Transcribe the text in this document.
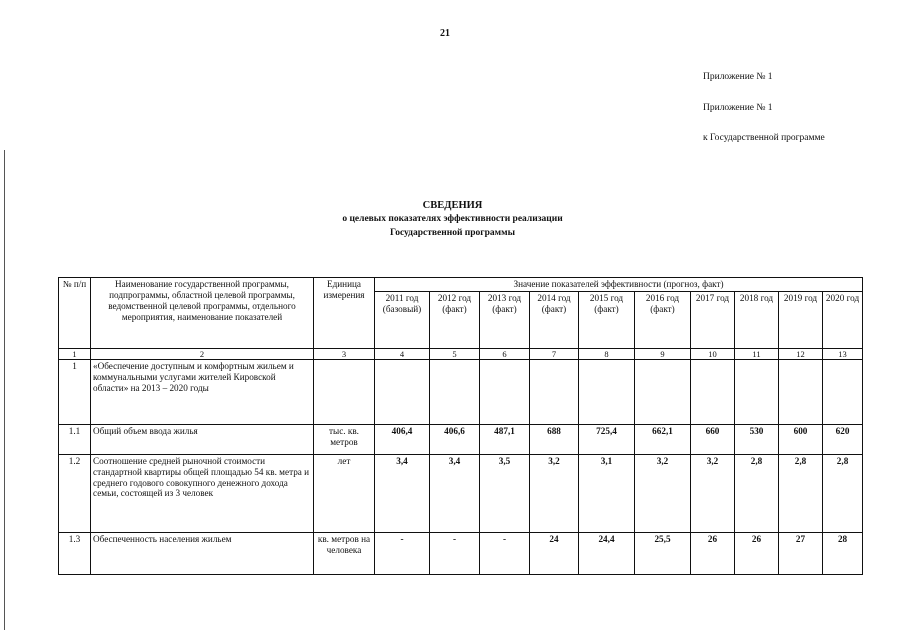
21
Приложение № 1
Приложение № 1
к Государственной программе
СВЕДЕНИЯ
о целевых показателях эффективности реализации
Государственной программы
№ п/п	Наименование государственной программы, подпрограммы, областной целевой программы, ведомственной целевой программы, отдельного мероприятия, наименование показателей	Единица измерения	Значение показателей эффективности (прогноз, факт)									
			2011 год (базовый)	2012 год (факт)	2013 год (факт)	2014 год (факт)	2015 год (факт)	2016 год (факт)	2017 год	2018 год	2019 год	2020 год
1	2	3	4	5	6	7	8	9	10	11	12	13
1	«Обеспечение доступным и комфортным жильем и коммунальными услугами жителей Кировской области» на 2013 – 2020 годы											
1.1	Общий объем ввода жилья	тыс. кв. метров	406,4	406,6	487,1	688	725,4	662,1	660	530	600	620
1.2	Соотношение средней рыночной стоимости стандартной квартиры общей площадью 54 кв. метра и среднего годового совокупного денежного дохода семьи, состоящей из 3 человек	лет	3,4	3,4	3,5	3,2	3,1	3,2	3,2	2,8	2,8	2,8
1.3	Обеспеченность населения жильем	кв. метров на человека	-	-	-	24	24,4	25,5	26	26	27	28
